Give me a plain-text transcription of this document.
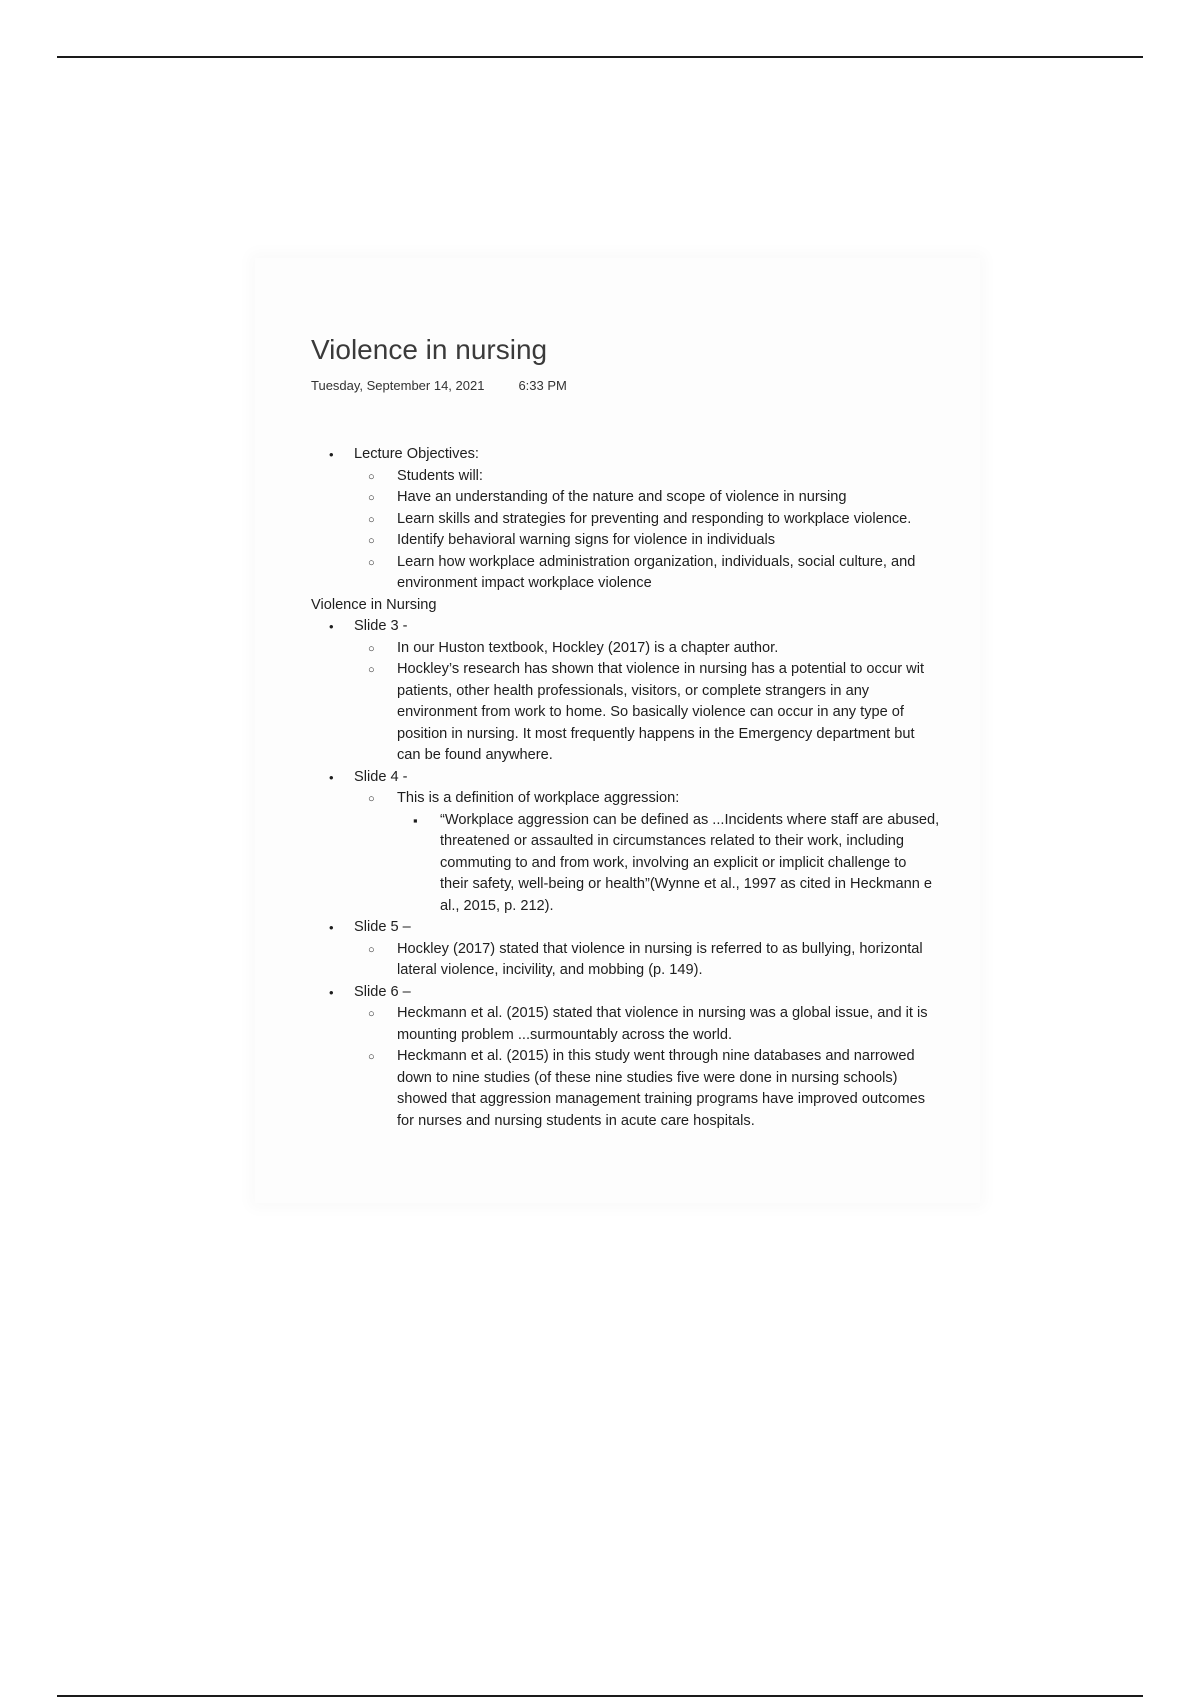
Violence in nursing
Tuesday, September 14, 2021	6:33 PM
• Lecture Objectives:
○ Students will:
○ Have an understanding of the nature and scope of violence in nursing
○ Learn skills and strategies for preventing and responding to workplace violence.
○ Identify behavioral warning signs for violence in individuals
○ Learn how workplace administration organization, individuals, social culture, and
environment impact workplace violence
Violence in Nursing
• Slide 3 -
○ In our Huston textbook, Hockley (2017) is a chapter author.
○ Hockley’s research has shown that violence in nursing has a potential to occur wit
patients, other health professionals, visitors, or complete strangers in any
environment from work to home. So basically violence can occur in any type of
position in nursing. It most frequently happens in the Emergency department but
can be found anywhere.
• Slide 4 -
○ This is a definition of workplace aggression:
▪ “Workplace aggression can be defined as ...Incidents where staff are abused,
threatened or assaulted in circumstances related to their work, including
commuting to and from work, involving an explicit or implicit challenge to
their safety, well-being or health”(Wynne et al., 1997 as cited in Heckmann e
al., 2015, p. 212).
• Slide 5 –
○ Hockley (2017) stated that violence in nursing is referred to as bullying, horizontal
lateral violence, incivility, and mobbing (p. 149).
• Slide 6 –
○ Heckmann et al. (2015) stated that violence in nursing was a global issue, and it is
mounting problem ...surmountably across the world.
○ Heckmann et al. (2015) in this study went through nine databases and narrowed
down to nine studies (of these nine studies five were done in nursing schools)
showed that aggression management training programs have improved outcomes
for nurses and nursing students in acute care hospitals.
